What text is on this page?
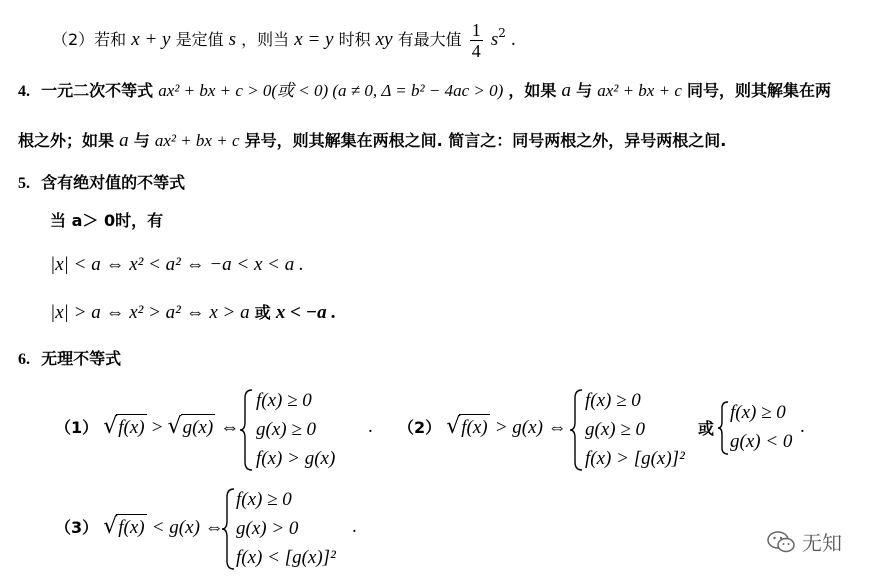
（2）若和 x + y 是定值 s ，则当 x = y 时积 xy 有最大值 $\frac{1}{4} s^2$ .
4. 一元二次不等式 ax² + bx + c > 0(或 < 0) (a ≠ 0, Δ = b² − 4ac > 0) ，如果 a 与 ax² + bx + c 同号，则其解集在两
根之外；如果 a 与 ax² + bx + c 异号，则其解集在两根之间. 简言之：同号两根之外，异号两根之间.
5. 含有绝对值的不等式
当 a＞ 0时，有
|x| < a ⇔ x² < a² ⇔ −a < x < a .
|x| > a ⇔ x² > a² ⇔ x > a 或 x < −a .
6. 无理不等式
（1） √f(x) > √g(x) ⇔
f(x) ≥ 0
g(x) ≥ 0
f(x) > g(x)
. （2） √f(x) > g(x) ⇔
f(x) ≥ 0
g(x) ≥ 0
f(x) > [g(x)]²
或
f(x) ≥ 0
g(x) < 0
.
（3） √f(x) < g(x) ⇔
f(x) ≥ 0
g(x) > 0
f(x) < [g(x)]²
.
无知
